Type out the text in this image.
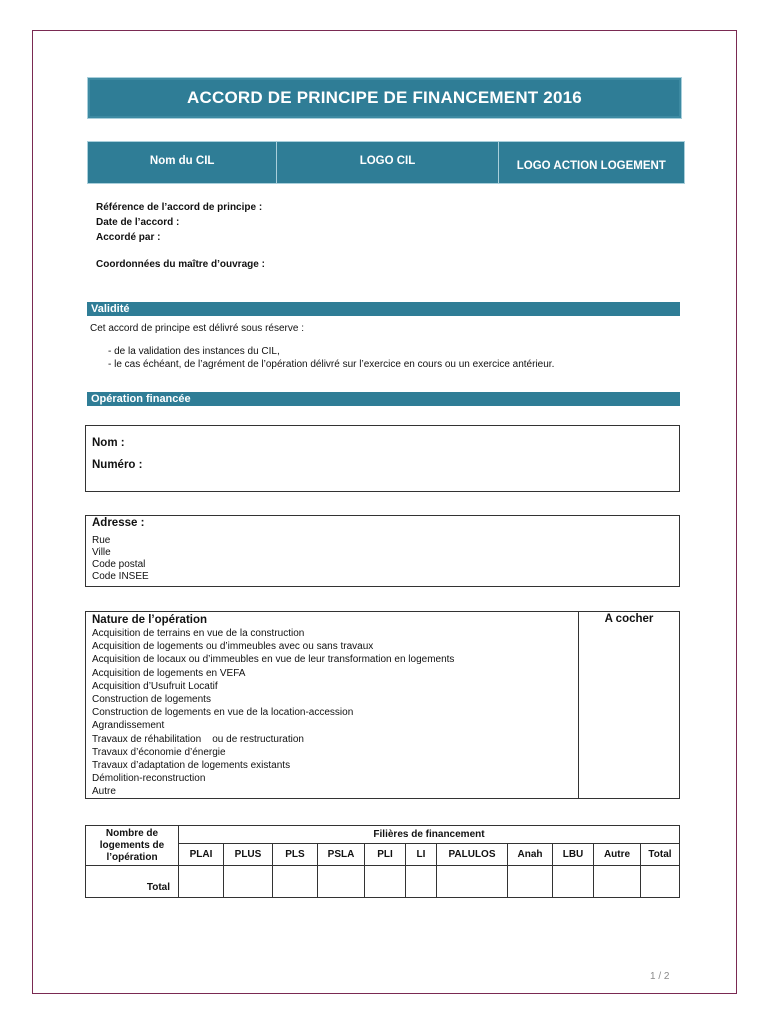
ACCORD DE PRINCIPE DE FINANCEMENT 2016
Nom du CIL	LOGO CIL	LOGO ACTION LOGEMENT
Référence de l’accord de principe :
Date de l’accord :
Accordé par :
Coordonnées du maître d’ouvrage :
Validité
Cet accord de principe est délivré sous réserve :
- de la validation des instances du CIL,
- le cas échéant, de l’agrément de l’opération délivré sur l’exercice en cours ou un exercice antérieur.
Opération financée
Nom :
Numéro :
Adresse :
Rue
Ville
Code postal
Code INSEE
Nature de l’opération
Acquisition de terrains en vue de la construction
Acquisition de logements ou d’immeubles avec ou sans travaux
Acquisition de locaux ou d’immeubles en vue de leur transformation en logements
Acquisition de logements en VEFA
Acquisition d’Usufruit Locatif
Construction de logements
Construction de logements en vue de la location-accession
Agrandissement
Travaux de réhabilitation    ou de restructuration
Travaux d’économie d’énergie
Travaux d’adaptation de logements existants
Démolition-reconstruction
Autre
A cocher
Nombre de logements de l’opération	Filières de financement										
	PLAI	PLUS	PLS	PSLA	PLI	LI	PALULOS	Anah	LBU	Autre	Total
Total											
1 / 2
